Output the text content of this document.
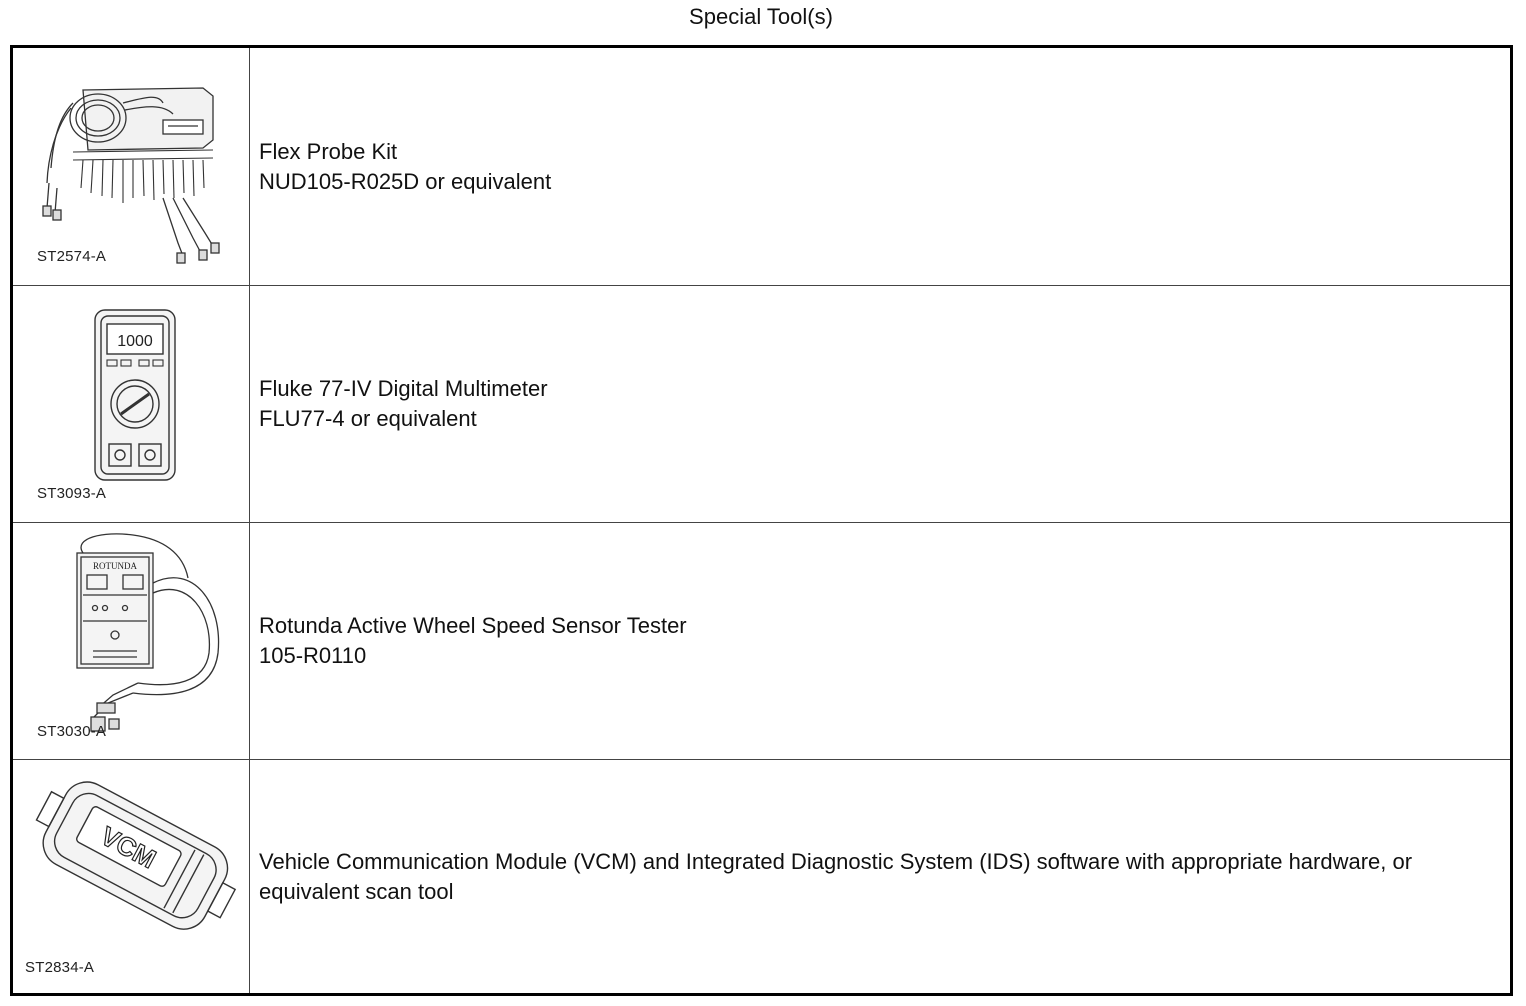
Special Tool(s)
ST2574-A
Flex Probe Kit
NUD105-R025D or equivalent
1000
ST3093-A
Fluke 77-IV Digital Multimeter
FLU77-4 or equivalent
ROTUNDA
ST3030-A
Rotunda Active Wheel Speed Sensor Tester
105-R0110
VCM
ST2834-A
Vehicle Communication Module (VCM) and Integrated Diagnostic System (IDS) software with appropriate hardware, or equivalent scan tool
